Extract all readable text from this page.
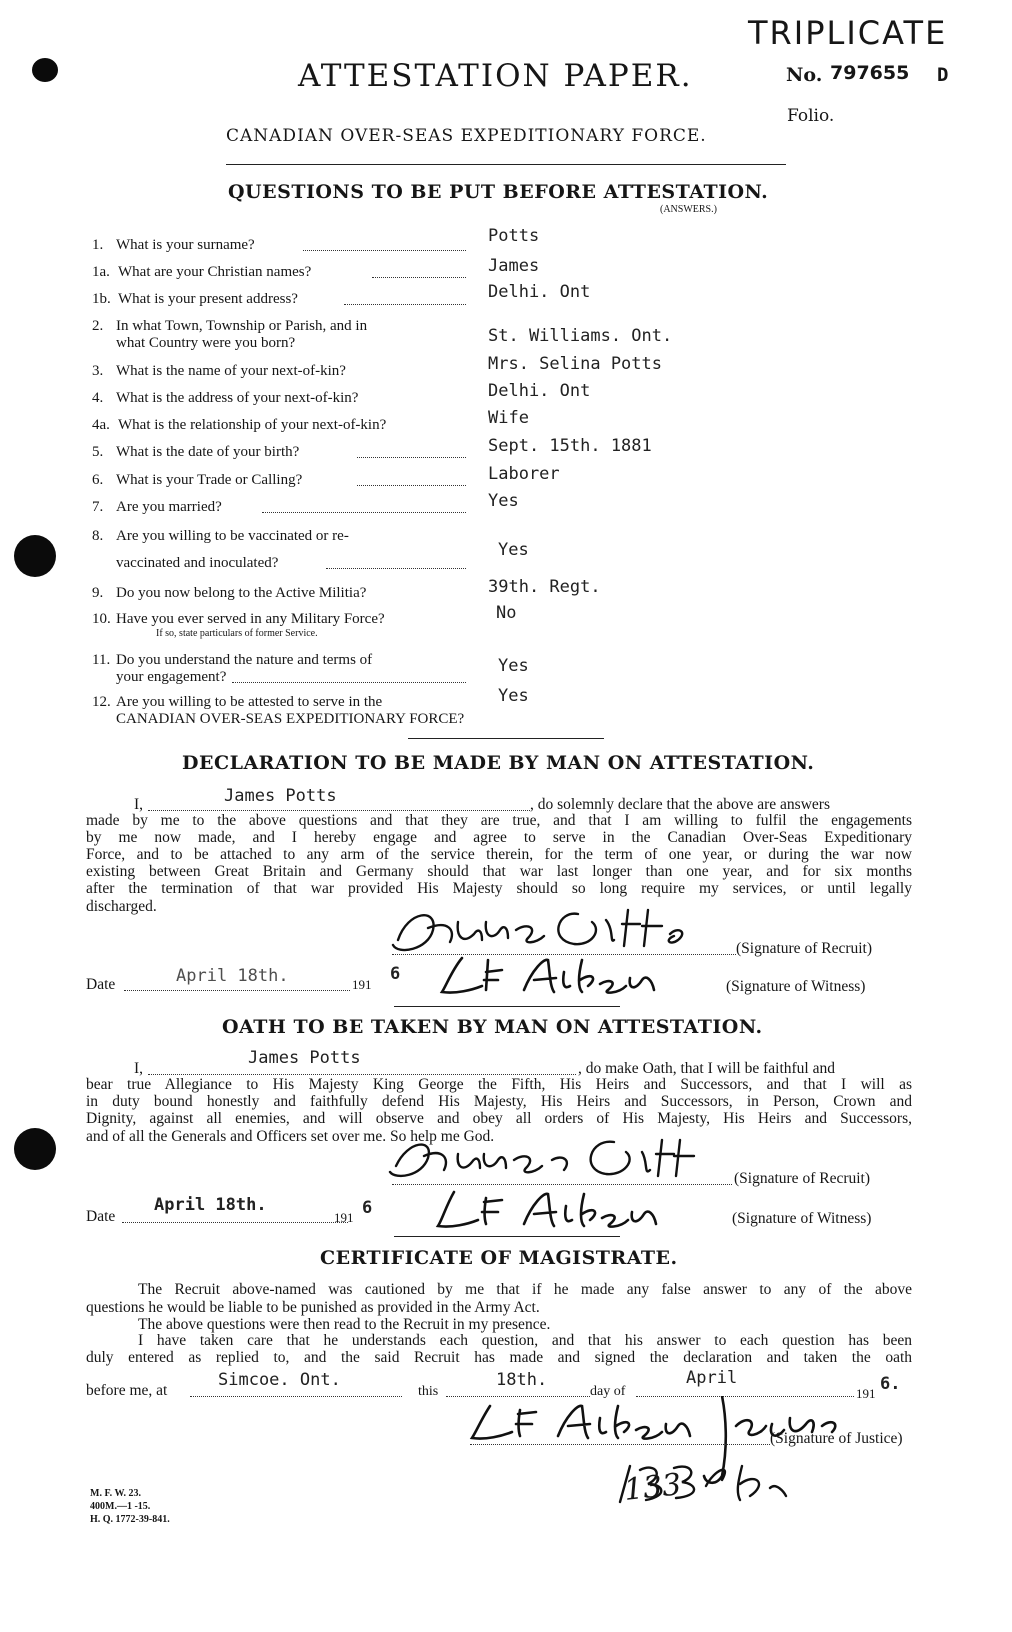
TRIPLICATE
No. 797655 D
Folio.
ATTESTATION PAPER.
CANADIAN OVER-SEAS EXPEDITIONARY FORCE.
QUESTIONS TO BE PUT BEFORE ATTESTATION.
(ANSWERS.)
1. What is your surname?	Potts
1a. What are your Christian names?	James
1b. What is your present address?	Delhi. Ont
2. In what Town, Township or Parish, and in
what Country were you born?	St. Williams. Ont.
3. What is the name of your next-of-kin?	Mrs. Selina Potts
4. What is the address of your next-of-kin?	Delhi. Ont
4a. What is the relationship of your next-of-kin?	Wife
5. What is the date of your birth?	Sept. 15th. 1881
6. What is your Trade or Calling?	Laborer
7. Are you married?	Yes
8. Are you willing to be vaccinated or re-
vaccinated and inoculated?
Yes
9. Do you now belong to the Active Militia?	39th. Regt.
10. Have you ever served in any Military Force?
If so, state particulars of former Service.
No
11. Do you understand the nature and terms of
your engagement?
Yes
12. Are you willing to be attested to serve in the
CANADIAN OVER-SEAS EXPEDITIONARY FORCE?
Yes
DECLARATION TO BE MADE BY MAN ON ATTESTATION.
I,	James Potts	, do solemnly declare that the above are answers
made by me to the above questions and that they are true, and that I am willing to fulfil the engagements
by me now made, and I hereby engage and agree to serve in the Canadian Over-Seas Expeditionary
Force, and to be attached to any arm of the service therein, for the term of one year, or during the war now
existing between Great Britain and Germany should that war last longer than one year, and for six months
after the termination of that war provided His Majesty should so long require my services, or until legally
discharged.
(Signature of Recruit)
Date	April 18th.	191
6
(Signature of Witness)
OATH TO BE TAKEN BY MAN ON ATTESTATION.
I,
James Potts
, do make Oath, that I will be faithful and
bear true Allegiance to His Majesty King George the Fifth, His Heirs and Successors, and that I will as
in duty bound honestly and faithfully defend His Majesty, His Heirs and Successors, in Person, Crown and
Dignity, against all enemies, and will observe and obey all orders of His Majesty, His Heirs and Successors,
and of all the Generals and Officers set over me. So help me God.
(Signature of Recruit)
Date
April 18th.
191 6
(Signature of Witness)
CERTIFICATE OF MAGISTRATE.
The Recruit above-named was cautioned by me that if he made any false answer to any of the above
questions he would be liable to be punished as provided in the Army Act.
The above questions were then read to the Recruit in my presence.
I have taken care that he understands each question, and that his answer to each question has been
duly entered as replied to, and the said Recruit has made and signed the declaration and taken the oath
before me, at
Simcoe. Ont.
this
18th.
day of
April
191 6.
(Signature of Justice)
133
M. F. W. 23.
400M.—1 -15.
H. Q. 1772-39-841.
